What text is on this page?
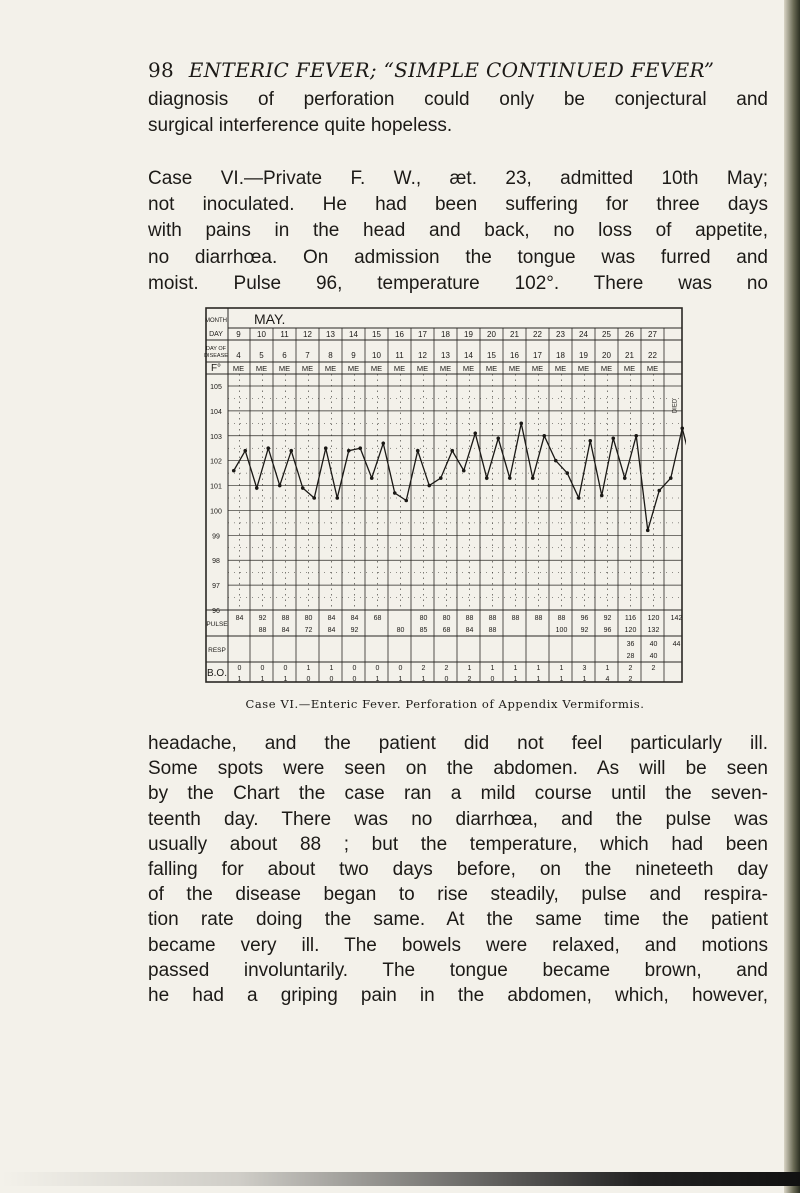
98 ENTERIC FEVER; “SIMPLE CONTINUED FEVER”
diagnosis of perforation could only be conjectural and
surgical interference quite hopeless.
Case VI.—Private F. W., æt. 23, admitted 10th May;
not inoculated. He had been suffering for three days
with pains in the head and back, no loss of appetite,
no diarrhœa. On admission the tongue was furred and
moist. Pulse 96, temperature 102°. There was no
MONTH MAY.
DAY
DAY OF
DISEASE
F°
PULSE
RESP
B.O.
105
104
103
102
101
100
99
98
97
96
9
4
ME
10
5
ME
11
6
ME
12
7
ME
13
8
ME
14
9
ME
15
10
ME
16
11
ME
17
12
ME
18
13
ME
19
14
ME
20
15
ME
21
16
ME
22
17
ME
23
18
ME
24
19
ME
25
20
ME
26
21
ME
27
22
ME
DIED
84 92
88
88
84
80
72
84
84
84
92
68
80
80
85
80
68
88
84
88
88
88 88 88
100
96
92
92
96
116
120
120
132
142
36
28
40
40
44
0
1
0
1
0
1
1
0
1
0
0
0
0
1
0
1
2
1
2
0
1
2
1
0
1
1
1
1
1
1
3
1
1
4
2
2
2
Case VI.—Enteric Fever. Perforation of Appendix Vermiformis.
headache, and the patient did not feel particularly ill.
Some spots were seen on the abdomen. As will be seen
by the Chart the case ran a mild course until the seven-
teenth day. There was no diarrhœa, and the pulse was
usually about 88 ; but the temperature, which had been
falling for about two days before, on the nineteeth day
of the disease began to rise steadily, pulse and respira-
tion rate doing the same. At the same time the patient
became very ill. The bowels were relaxed, and motions
passed involuntarily. The tongue became brown, and
he had a griping pain in the abdomen, which, however,
